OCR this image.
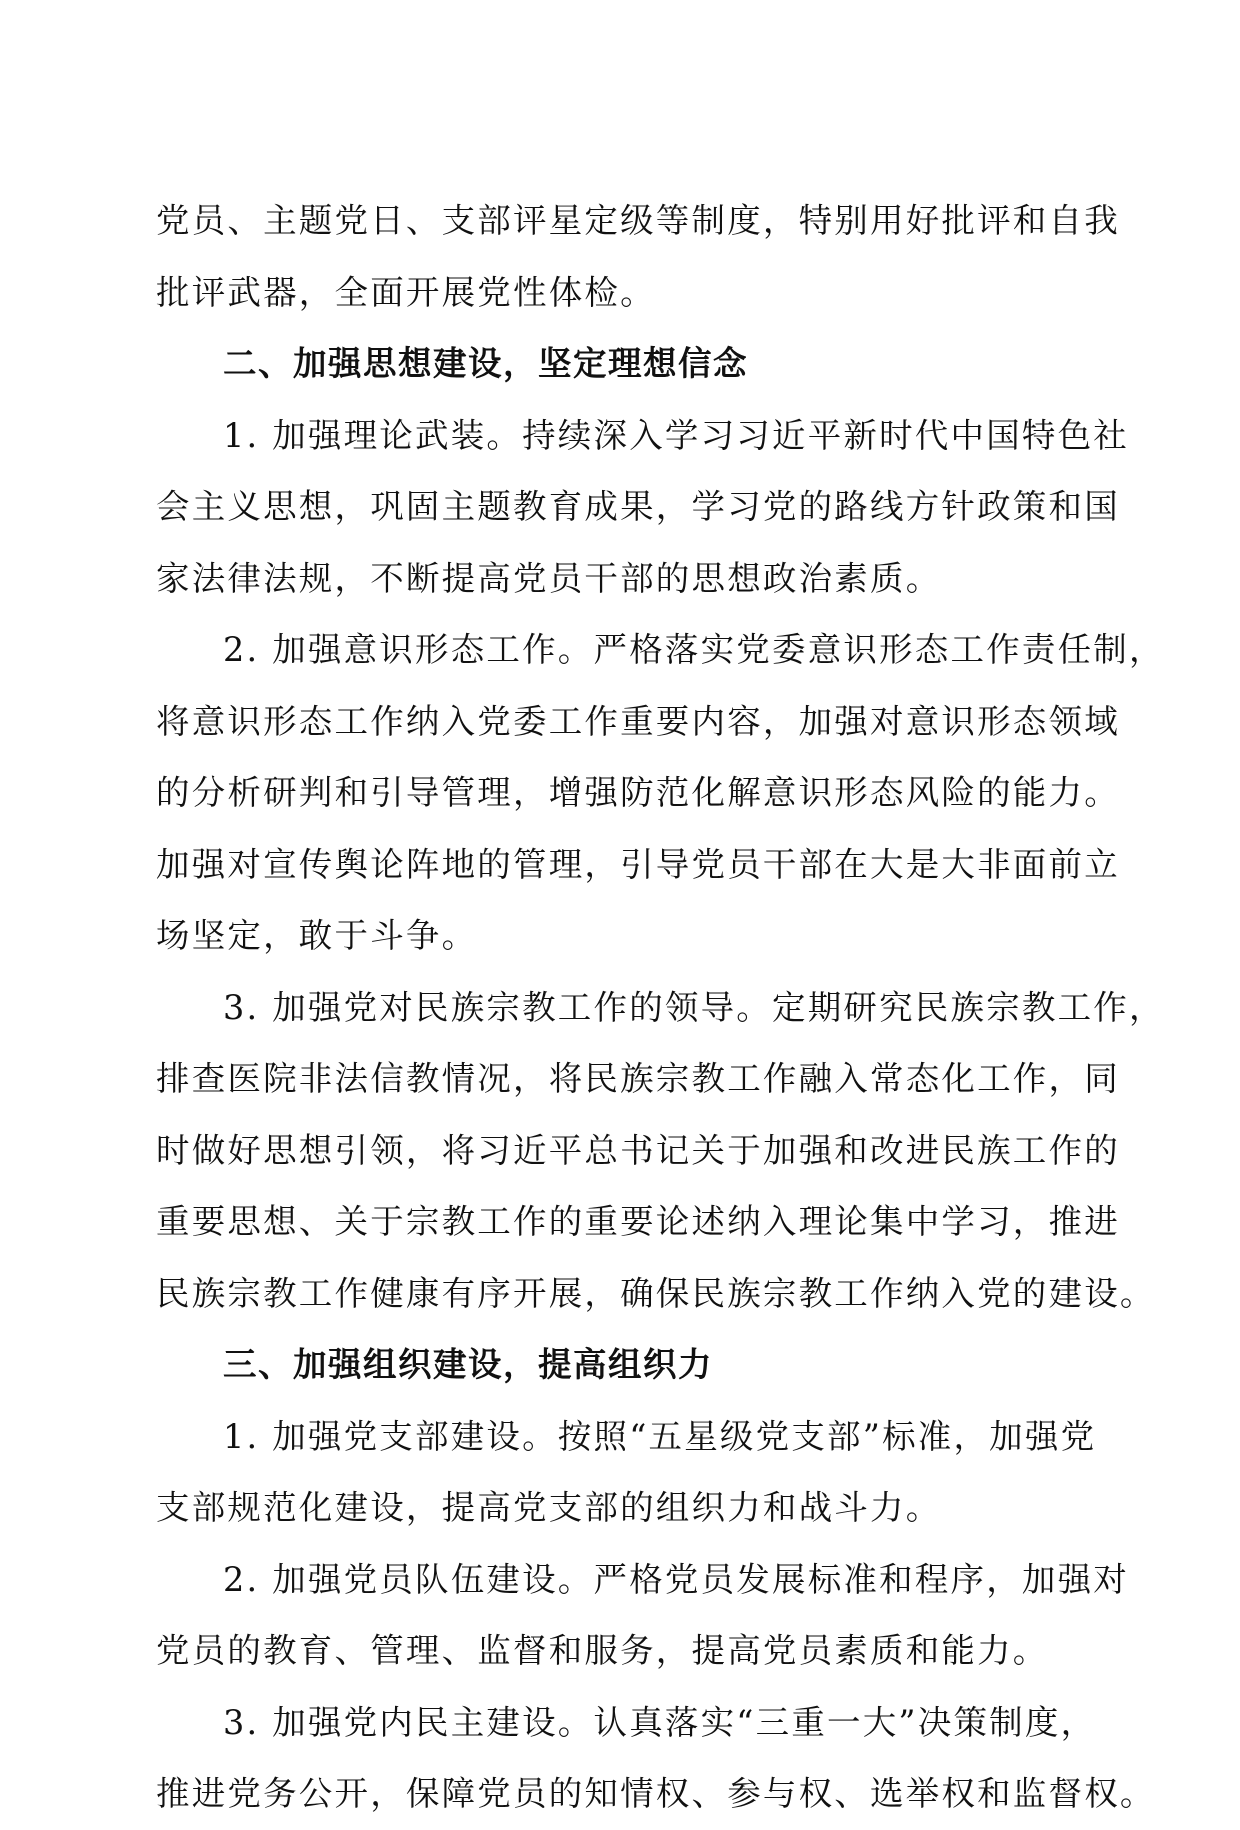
党员、主题党日、支部评星定级等制度，特别用好批评和自我
批评武器，全面开展党性体检。
二、加强思想建设，坚定理想信念
1. 加强理论武装。持续深入学习习近平新时代中国特色社
会主义思想，巩固主题教育成果，学习党的路线方针政策和国
家法律法规，不断提高党员干部的思想政治素质。
2. 加强意识形态工作。严格落实党委意识形态工作责任制，
将意识形态工作纳入党委工作重要内容，加强对意识形态领域
的分析研判和引导管理，增强防范化解意识形态风险的能力。
加强对宣传舆论阵地的管理，引导党员干部在大是大非面前立
场坚定，敢于斗争。
3. 加强党对民族宗教工作的领导。定期研究民族宗教工作，
排查医院非法信教情况，将民族宗教工作融入常态化工作，同
时做好思想引领，将习近平总书记关于加强和改进民族工作的
重要思想、关于宗教工作的重要论述纳入理论集中学习，推进
民族宗教工作健康有序开展，确保民族宗教工作纳入党的建设。
三、加强组织建设，提高组织力
1. 加强党支部建设。按照“五星级党支部”标准，加强党
支部规范化建设，提高党支部的组织力和战斗力。
2. 加强党员队伍建设。严格党员发展标准和程序，加强对
党员的教育、管理、监督和服务，提高党员素质和能力。
3. 加强党内民主建设。认真落实“三重一大”决策制度，
推进党务公开，保障党员的知情权、参与权、选举权和监督权。
